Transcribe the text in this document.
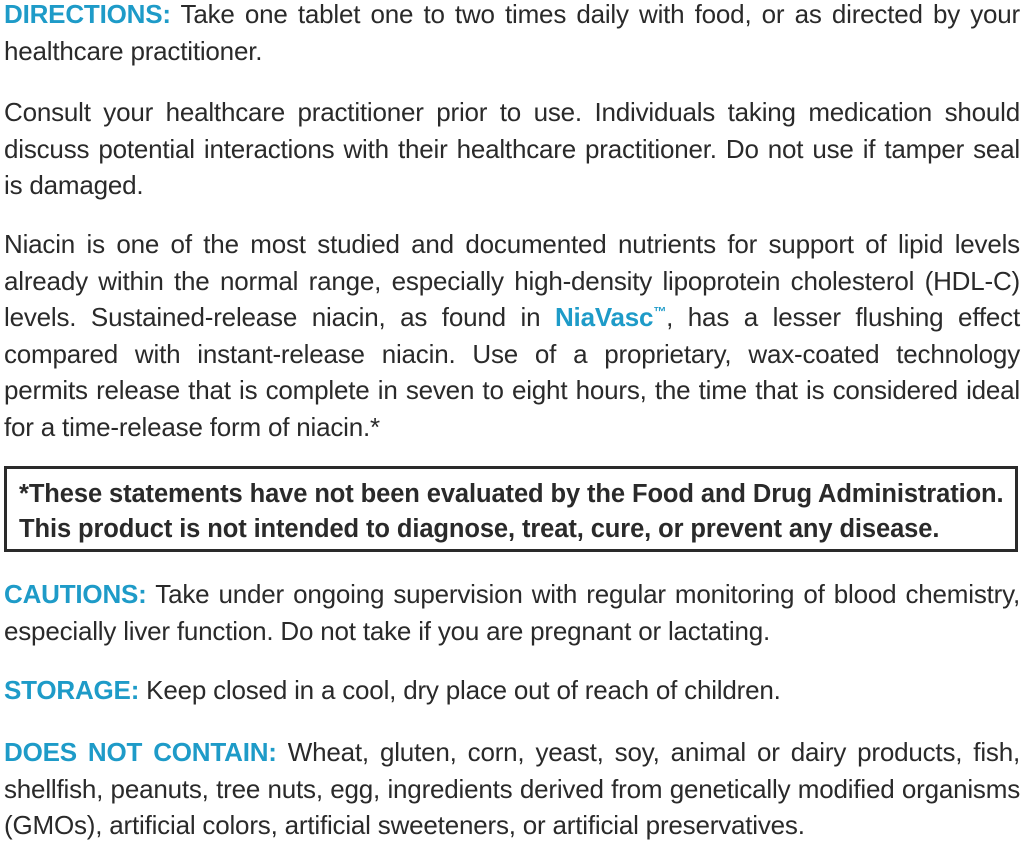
DIRECTIONS: Take one tablet one to two times daily with food, or as directed by your healthcare practitioner.

Consult your healthcare practitioner prior to use. Individuals taking medication should discuss potential interactions with their healthcare practitioner. Do not use if tamper seal is damaged.

Niacin is one of the most studied and documented nutrients for support of lipid levels already within the normal range, especially high-density lipoprotein cholesterol (HDL-C) levels. Sustained-release niacin, as found in NiaVasc™, has a lesser flushing effect compared with instant-release niacin. Use of a proprietary, wax-coated technology permits release that is complete in seven to eight hours, the time that is considered ideal for a time-release form of niacin.*

*These statements have not been evaluated by the Food and Drug Administration.

This product is not intended to diagnose, treat, cure, or prevent any disease.

CAUTIONS: Take under ongoing supervision with regular monitoring of blood chemistry, especially liver function. Do not take if you are pregnant or lactating.

STORAGE: Keep closed in a cool, dry place out of reach of children.

DOES NOT CONTAIN: Wheat, gluten, corn, yeast, soy, animal or dairy products, fish, shellfish, peanuts, tree nuts, egg, ingredients derived from genetically modified organisms (GMOs), artificial colors, artificial sweeteners, or artificial preservatives.
